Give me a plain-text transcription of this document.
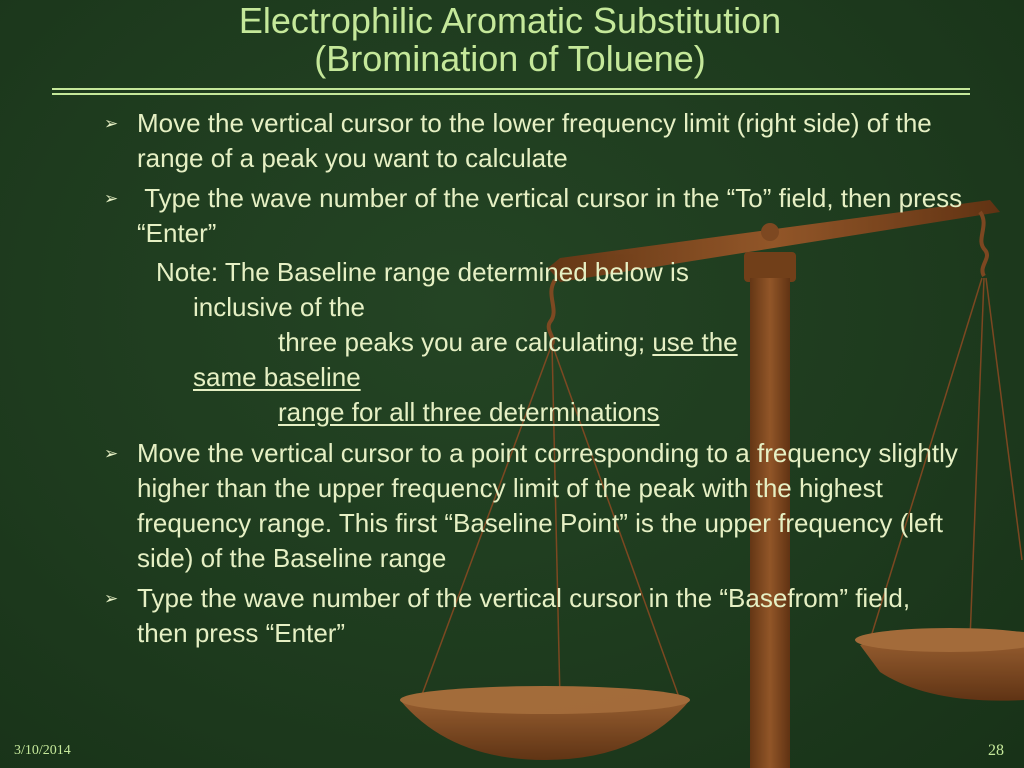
Electrophilic Aromatic Substitution
(Bromination of Toluene)
➢ Move the vertical cursor to the lower frequency limit (right side) of the range of a peak you want to calculate
➢ Type the wave number of the vertical cursor in the “To” field, then press “Enter”
Note: The Baseline range determined below is
inclusive of the
three peaks you are calculating; use the
same baseline
range for all three determinations
➢ Move the vertical cursor to a point corresponding to a frequency slightly higher than the upper frequency limit of the peak with the highest frequency range. This first “Baseline Point” is the upper frequency (left side) of the Baseline range
➢ Type the wave number of the vertical cursor in the “Basefrom” field, then press “Enter”
3/10/2014	28
